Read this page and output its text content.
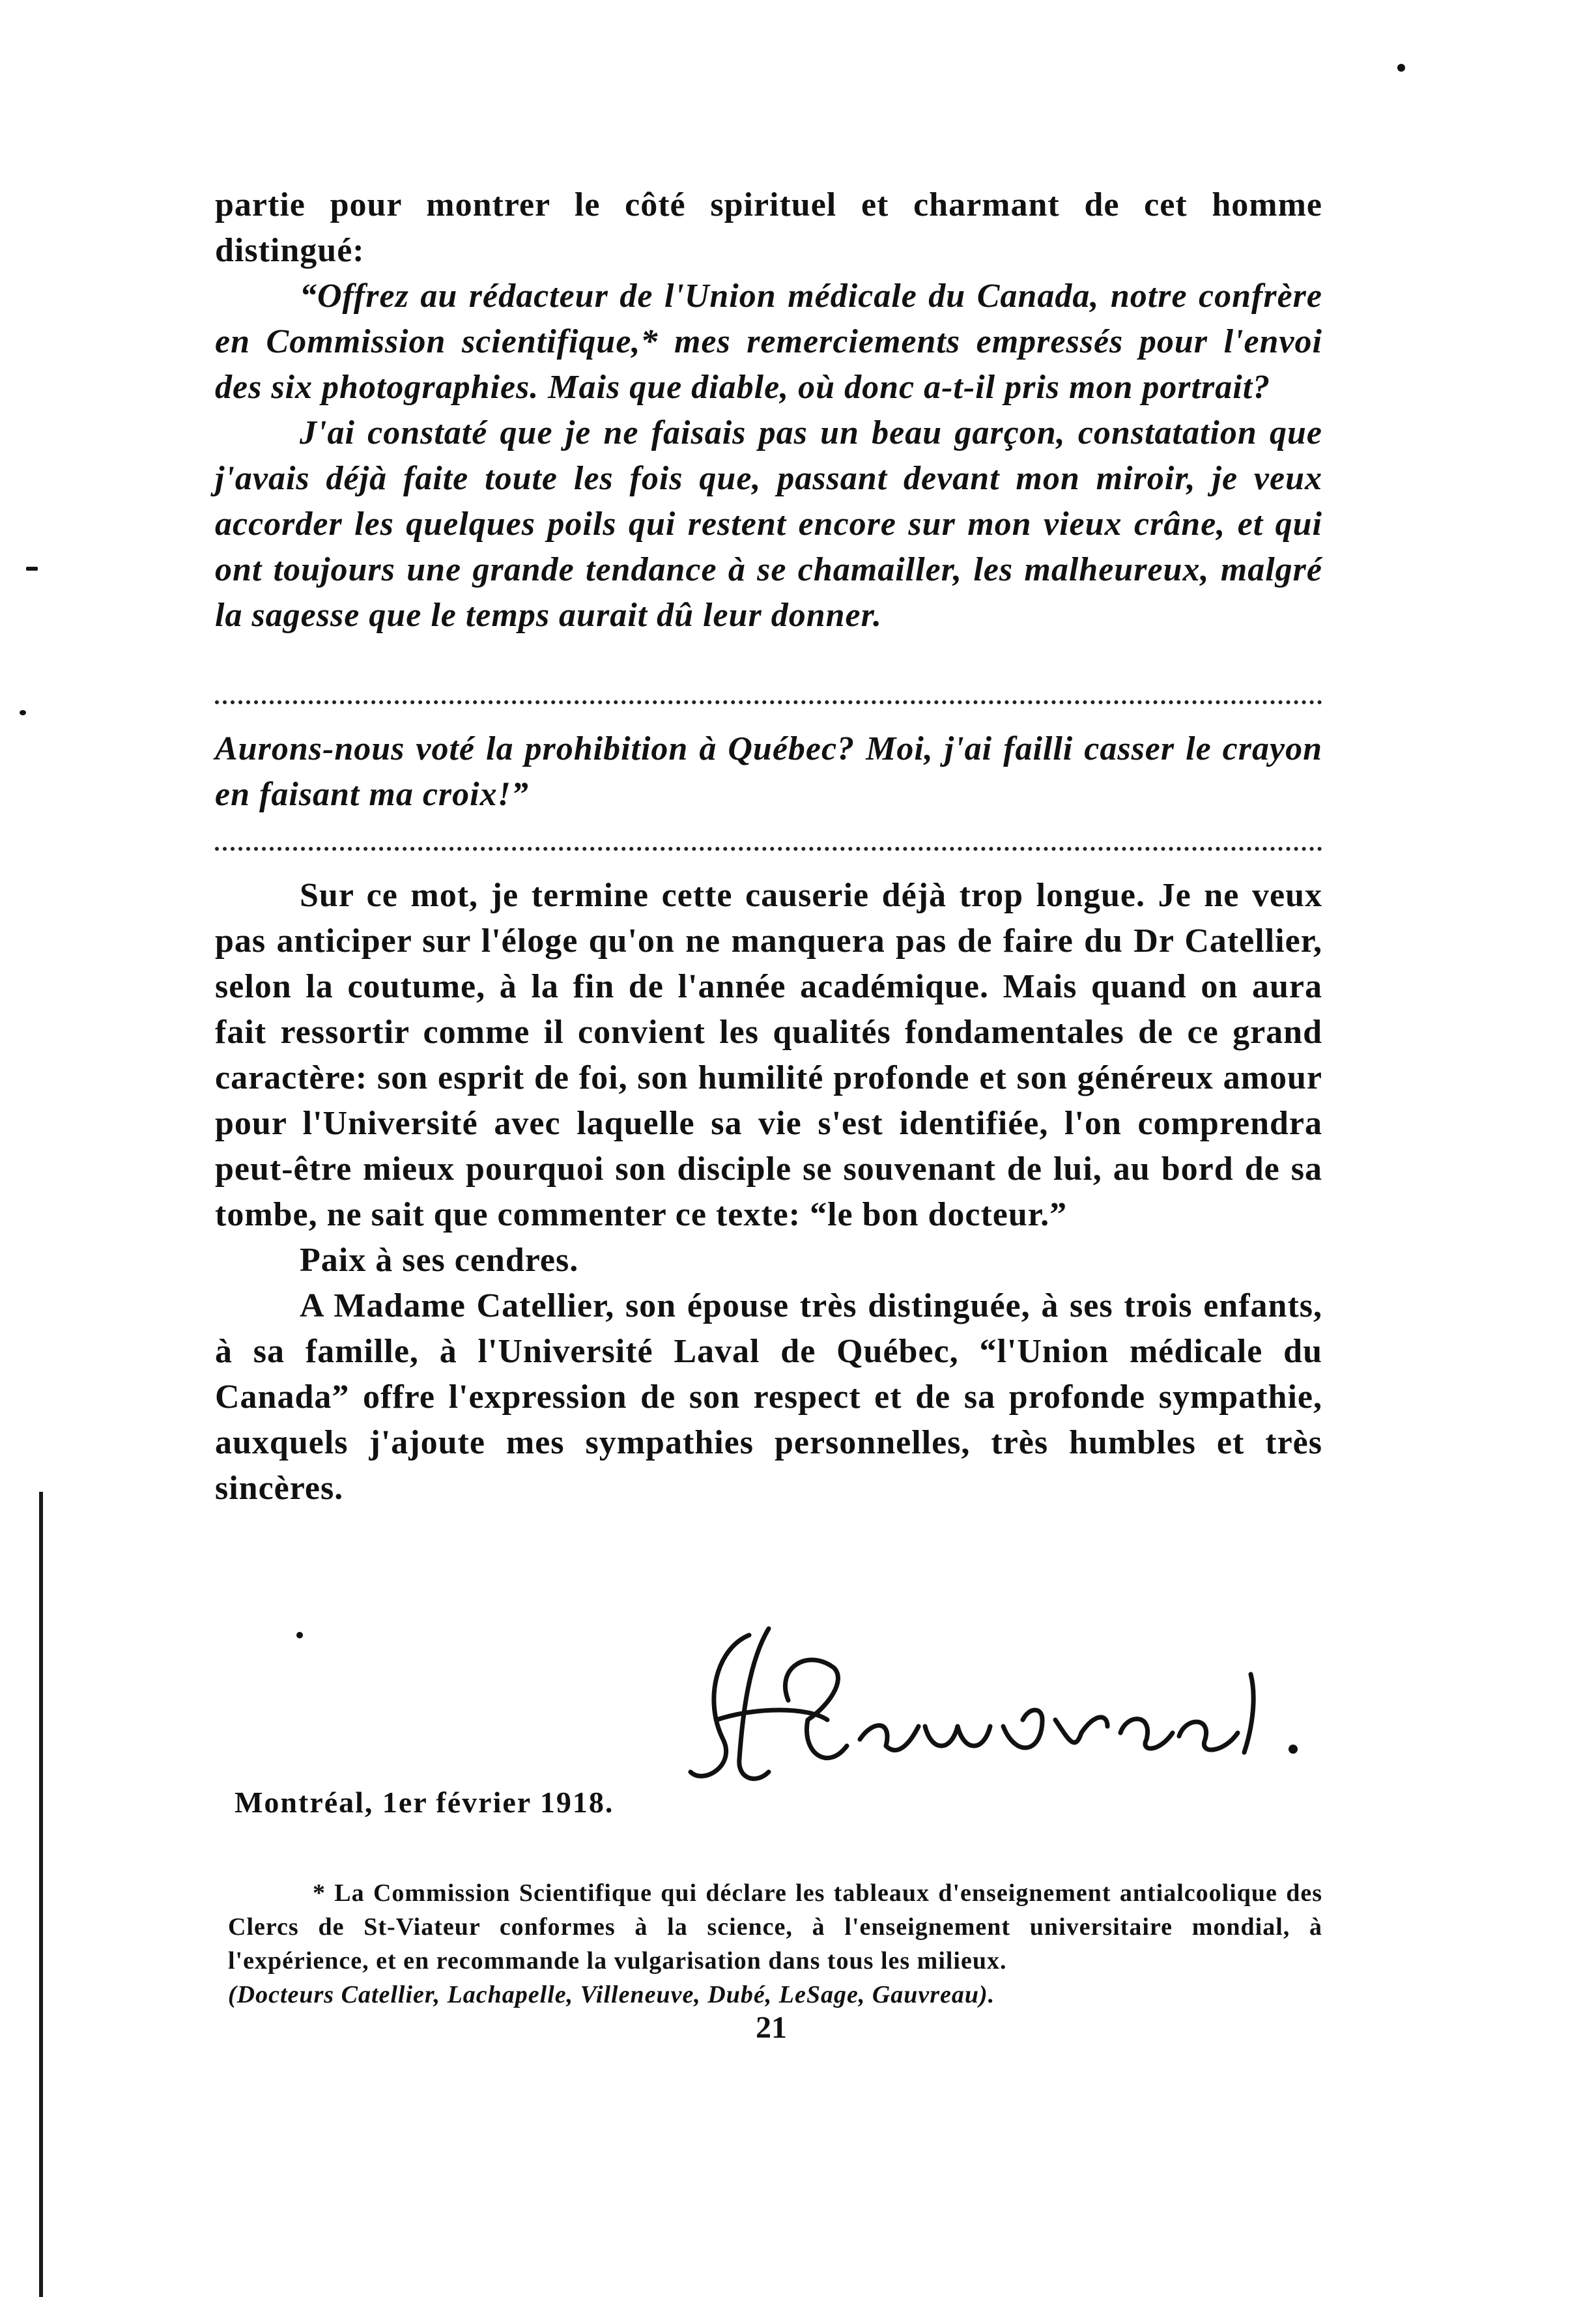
partie pour montrer le côté spirituel et charmant de cet homme distingué:

“Offrez au rédacteur de l'Union médicale du Canada, notre confrère en Commission scientifique,* mes remerciements empressés pour l'envoi des six photographies. Mais que diable, où donc a-t-il pris mon portrait?

J'ai constaté que je ne faisais pas un beau garçon, constatation que j'avais déjà faite toute les fois que, passant devant mon miroir, je veux accorder les quelques poils qui restent encore sur mon vieux crâne, et qui ont toujours une grande tendance à se chamailler, les malheureux, malgré la sagesse que le temps aurait dû leur donner.

Aurons-nous voté la prohibition à Québec? Moi, j'ai failli casser le crayon en faisant ma croix!”

Sur ce mot, je termine cette causerie déjà trop longue. Je ne veux pas anticiper sur l'éloge qu'on ne manquera pas de faire du Dr Catellier, selon la coutume, à la fin de l'année académique. Mais quand on aura fait ressortir comme il convient les qualités fondamentales de ce grand caractère: son esprit de foi, son humilité profonde et son généreux amour pour l'Université avec laquelle sa vie s'est identifiée, l'on comprendra peut-être mieux pourquoi son disciple se souvenant de lui, au bord de sa tombe, ne sait que commenter ce texte: “le bon docteur.”

Paix à ses cendres.

A Madame Catellier, son épouse très distinguée, à ses trois enfants, à sa famille, à l'Université Laval de Québec, “l'Union médicale du Canada” offre l'expression de son respect et de sa profonde sympathie, auxquels j'ajoute mes sympathies personnelles, très humbles et très sincères.

J. Gauvreau.
Montréal, 1er février 1918.

* La Commission Scientifique qui déclare les tableaux d'enseignement antialcoolique des Clercs de St-Viateur conformes à la science, à l'enseignement universitaire mondial, à l'expérience, et en recommande la vulgarisation dans tous les milieux.

(Docteurs Catellier, Lachapelle, Villeneuve, Dubé, LeSage, Gauvreau).

21
